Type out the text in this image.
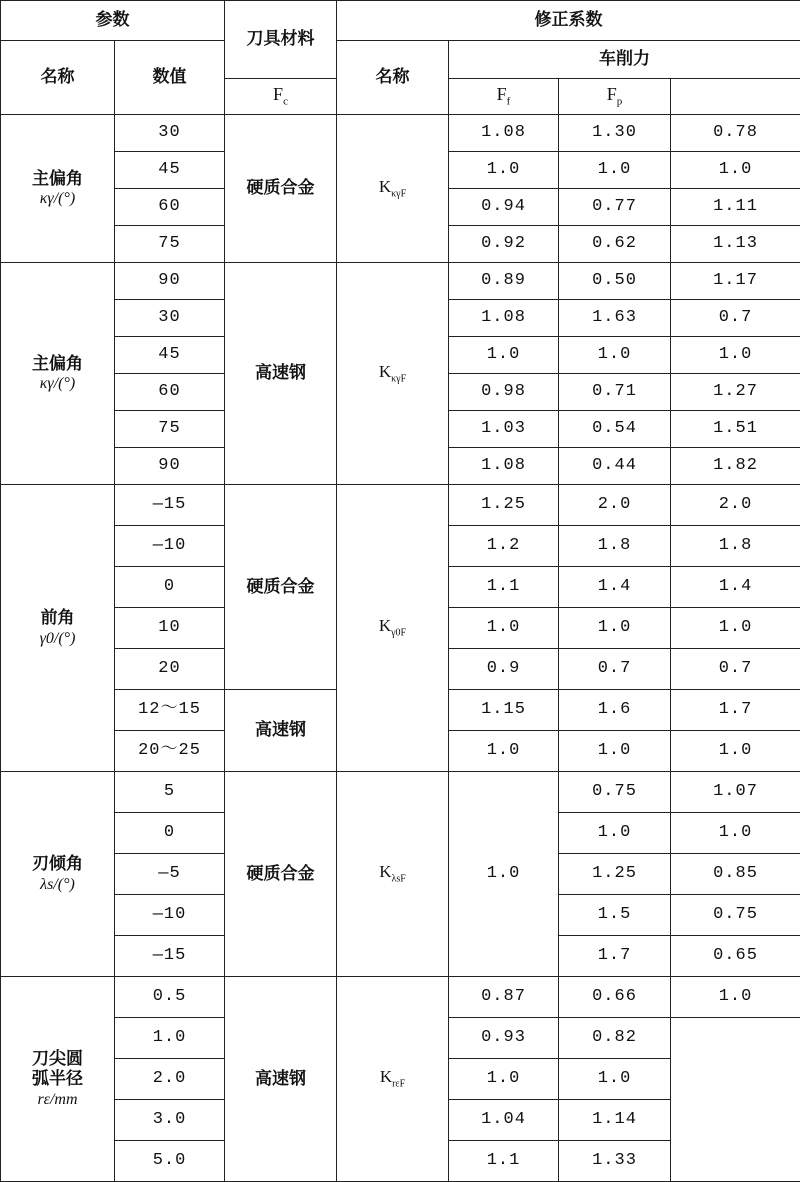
参数		刀具材料	修正系数			
名称	数值		名称	车削力		
		$F_c$		$F_f$	$F_p$

主偏角
κγ/(°)	30	硬质合金	$K_{\kappa\gamma F}$	1.08	1.30	0.78
	45			1.0	1.0	1.0
	60			0.94	0.77	1.11
	75			0.92	0.62	1.13

主偏角
κγ/(°)	90	高速钢	$K_{\kappa\gamma F}$	0.89	0.50	1.17
	30			1.08	1.63	0.7
	45			1.0	1.0	1.0
	60			0.98	0.71	1.27
	75			1.03	0.54	1.51
	90			1.08	0.44	1.82

前角
γ0/(°)	—15	硬质合金	$K_{\gamma 0F}$	1.25	2.0	2.0
	—10			1.2	1.8	1.8
	0			1.1	1.4	1.4
	10			1.0	1.0	1.0
	20			0.9	0.7	0.7
	12～15	高速钢		1.15	1.6	1.7
	20～25			1.0	1.0	1.0

刃倾角
λs/(°)	5	硬质合金	$K_{\lambda sF}$	1.0	0.75	1.07
	0				1.0	1.0
	—5				1.25	0.85
	—10				1.5	0.75
	—15				1.7	0.65

刀尖圆
弧半径
rε/mm	0.5	高速钢	$K_{r\varepsilon F}$	0.87	0.66	1.0
	1.0			0.93	0.82	
	2.0			1.0	1.0	
	3.0			1.04	1.14	
	5.0			1.1	1.33	
